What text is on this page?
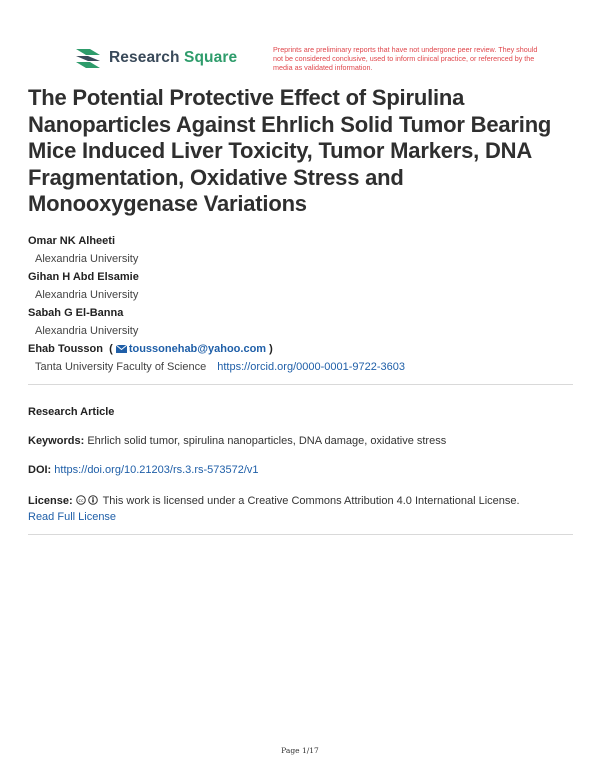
Research Square	Preprints are preliminary reports that have not undergone peer review. They should not be considered conclusive, used to inform clinical practice, or referenced by the media as validated information.
The Potential Protective Effect of Spirulina Nanoparticles Against Ehrlich Solid Tumor Bearing Mice Induced Liver Toxicity, Tumor Markers, DNA Fragmentation, Oxidative Stress and Monooxygenase Variations
Omar NK Alheeti
Alexandria University
Gihan H Abd Elsamie
Alexandria University
Sabah G El-Banna
Alexandria University
Ehab Tousson ( toussonehab@yahoo.com )
Tanta University Faculty of Science https://orcid.org/0000-0001-9722-3603
Research Article
Keywords: Ehrlich solid tumor, spirulina nanoparticles, DNA damage, oxidative stress
DOI: https://doi.org/10.21203/rs.3.rs-573572/v1
License: cc This work is licensed under a Creative Commons Attribution 4.0 International License.
Read Full License
Page 1/17
